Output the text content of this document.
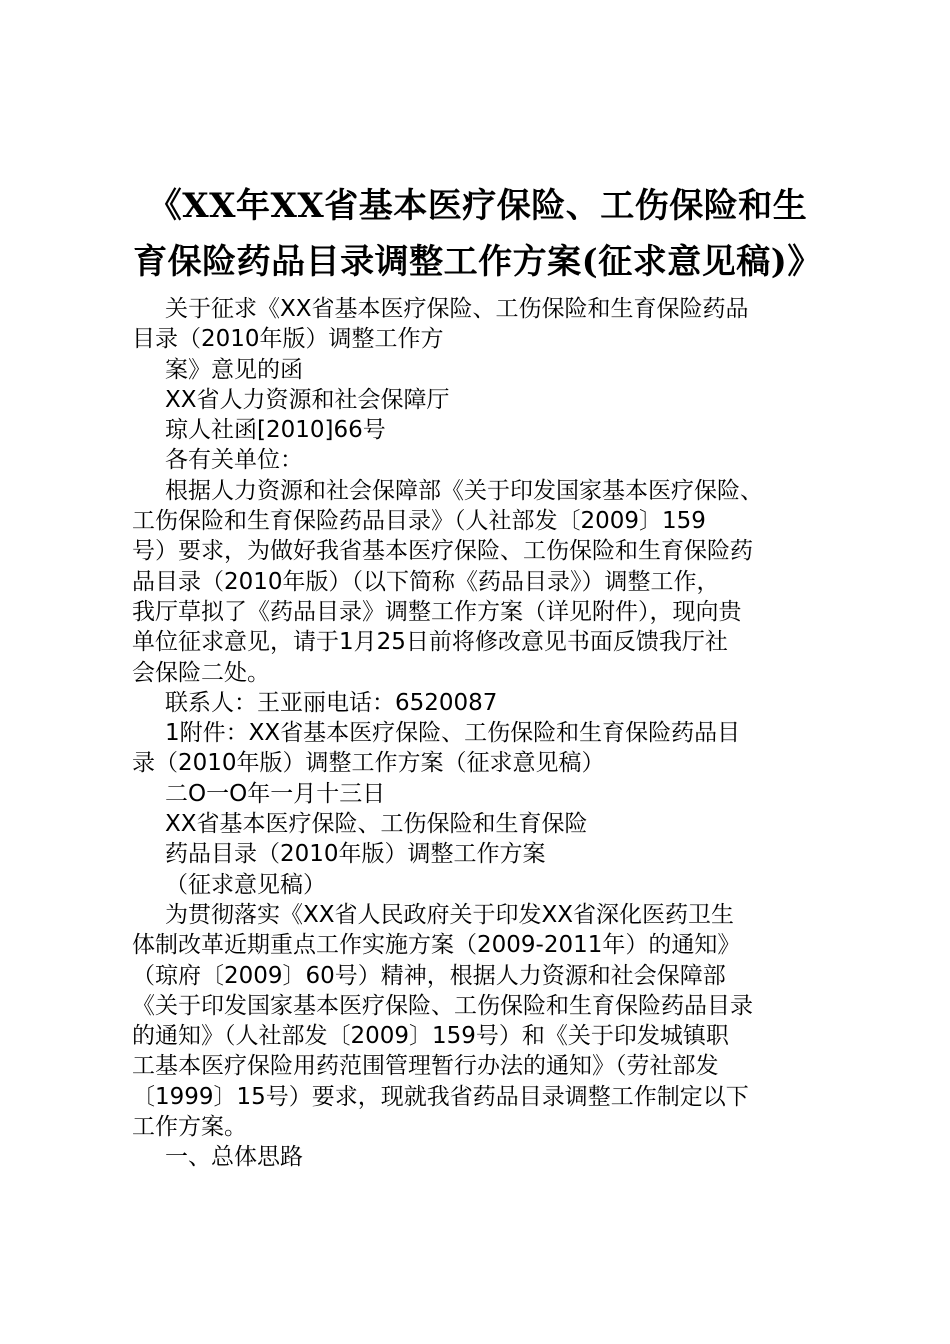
《XX年XX省基本医疗保险、工伤保险和生
育保险药品目录调整工作方案(征求意见稿)》

关于征求《XX省基本医疗保险、工伤保险和生育保险药品
目录（2010年版）调整工作方

案》意见的函

XX省人力资源和社会保障厅

琼人社函[2010]66号

各有关单位：

根据人力资源和社会保障部《关于印发国家基本医疗保险、
工伤保险和生育保险药品目录》（人社部发〔2009〕159
号）要求，为做好我省基本医疗保险、工伤保险和生育保险药
品目录（2010年版）（以下简称《药品目录》）调整工作，
我厅草拟了《药品目录》调整工作方案（详见附件），现向贵
单位征求意见，请于1月25日前将修改意见书面反馈我厅社
会保险二处。

联系人：王亚丽电话：6520087

1附件：XX省基本医疗保险、工伤保险和生育保险药品目
录（2010年版）调整工作方案（征求意见稿）

二O一O年一月十三日

XX省基本医疗保险、工伤保险和生育保险

药品目录（2010年版）调整工作方案

（征求意见稿）

为贯彻落实《XX省人民政府关于印发XX省深化医药卫生
体制改革近期重点工作实施方案（2009-2011年）的通知》
（琼府〔2009〕60号）精神，根据人力资源和社会保障部
《关于印发国家基本医疗保险、工伤保险和生育保险药品目录
的通知》（人社部发〔2009〕159号）和《关于印发城镇职
工基本医疗保险用药范围管理暂行办法的通知》（劳社部发
〔1999〕15号）要求，现就我省药品目录调整工作制定以下
工作方案。

一、总体思路
